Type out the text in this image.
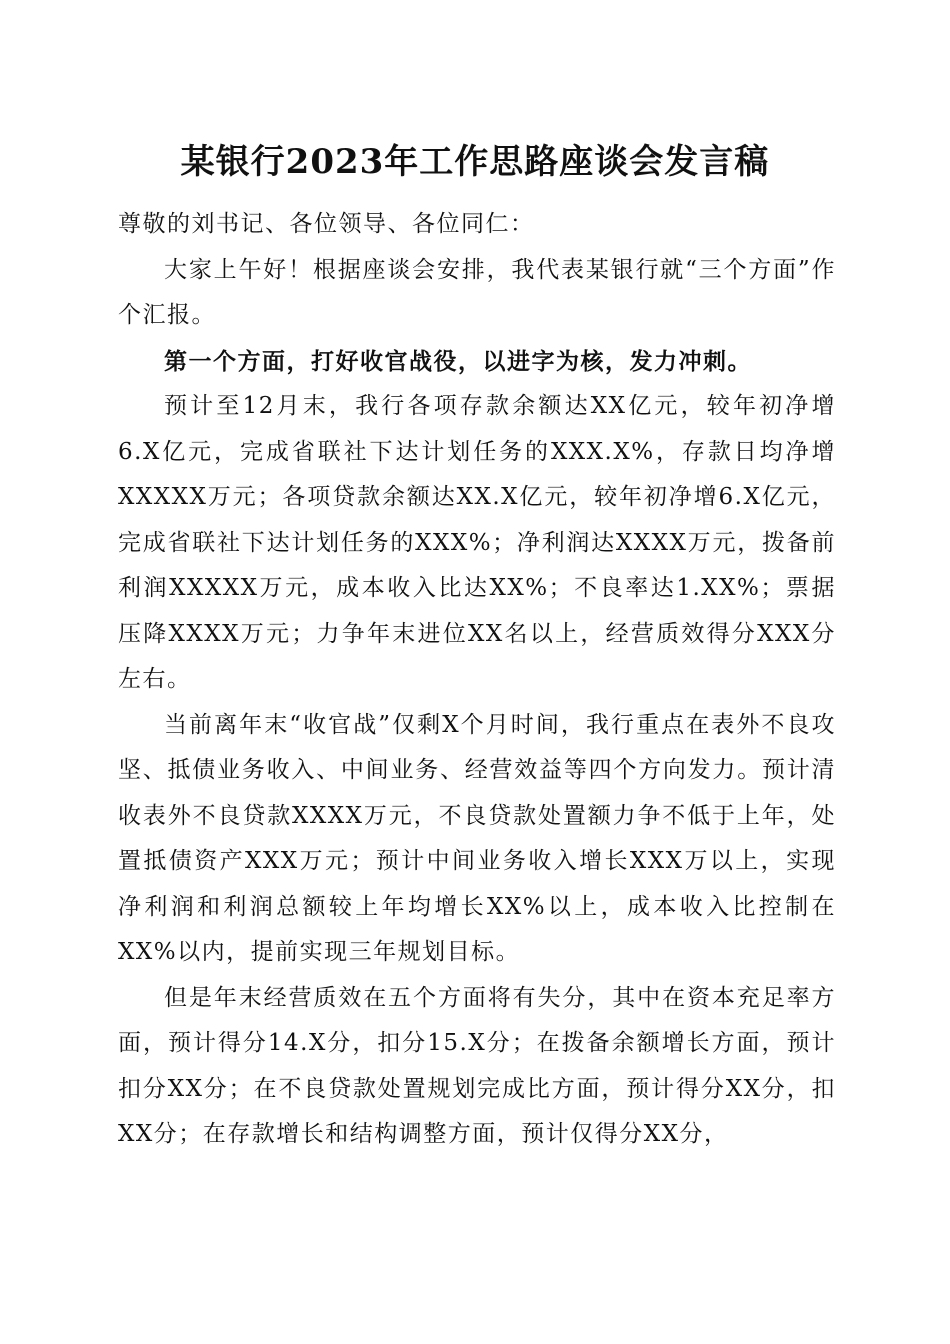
某银行2023年工作思路座谈会发言稿

尊敬的刘书记、各位领导、各位同仁：

大家上午好！根据座谈会安排，我代表某银行就“三个方面”作个汇报。

第一个方面，打好收官战役，以进字为核，发力冲刺。

预计至12月末，我行各项存款余额达XX亿元，较年初净增6.X亿元，完成省联社下达计划任务的XXX.X%，存款日均净增XXXXX万元；各项贷款余额达XX.X亿元，较年初净增6.X亿元，完成省联社下达计划任务的XXX%；净利润达XXXX万元，拨备前利润XXXXX万元，成本收入比达XX%；不良率达1.XX%；票据压降XXXX万元；力争年末进位XX名以上，经营质效得分XXX分左右。

当前离年末“收官战”仅剩X个月时间，我行重点在表外不良攻坚、抵债业务收入、中间业务、经营效益等四个方向发力。预计清收表外不良贷款XXXX万元，不良贷款处置额力争不低于上年，处置抵债资产XXX万元；预计中间业务收入增长XXX万以上，实现净利润和利润总额较上年均增长XX%以上，成本收入比控制在XX%以内，提前实现三年规划目标。

但是年末经营质效在五个方面将有失分，其中在资本充足率方面，预计得分14.X分，扣分15.X分；在拨备余额增长方面，预计扣分XX分；在不良贷款处置规划完成比方面，预计得分XX分，扣XX分；在存款增长和结构调整方面，预计仅得分XX分，
